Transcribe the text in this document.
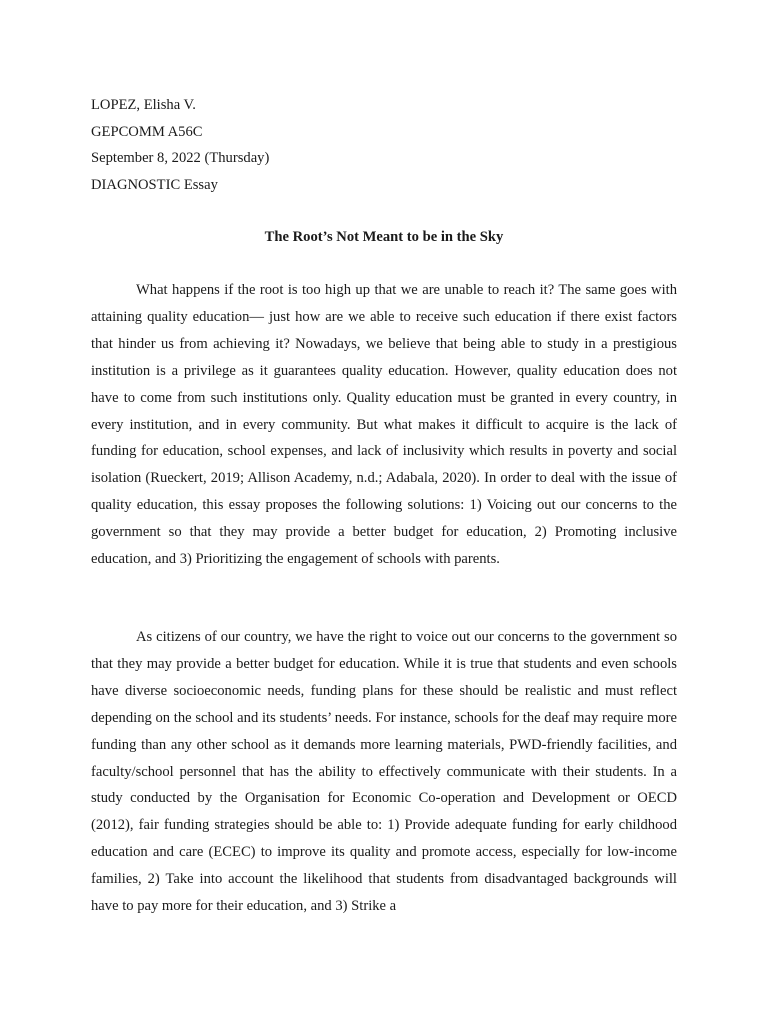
LOPEZ, Elisha V.
GEPCOMM A56C
September 8, 2022 (Thursday)
DIAGNOSTIC Essay
The Root’s Not Meant to be in the Sky

What happens if the root is too high up that we are unable to reach it? The same goes with attaining quality education— just how are we able to receive such education if there exist factors that hinder us from achieving it? Nowadays, we believe that being able to study in a prestigious institution is a privilege as it guarantees quality education. However, quality education does not have to come from such institutions only. Quality education must be granted in every country, in every institution, and in every community. But what makes it difficult to acquire is the lack of funding for education, school expenses, and lack of inclusivity which results in poverty and social isolation (Rueckert, 2019; Allison Academy, n.d.; Adabala, 2020). In order to deal with the issue of quality education, this essay proposes the following solutions: 1) Voicing out our concerns to the government so that they may provide a better budget for education, 2) Promoting inclusive education, and 3) Prioritizing the engagement of schools with parents.

As citizens of our country, we have the right to voice out our concerns to the government so that they may provide a better budget for education. While it is true that students and even schools have diverse socioeconomic needs, funding plans for these should be realistic and must reflect depending on the school and its students’ needs. For instance, schools for the deaf may require more funding than any other school as it demands more learning materials, PWD-friendly facilities, and faculty/school personnel that has the ability to effectively communicate with their students. In a study conducted by the Organisation for Economic Co-operation and Development or OECD (2012), fair funding strategies should be able to: 1) Provide adequate funding for early childhood education and care (ECEC) to improve its quality and promote access, especially for low-income families, 2) Take into account the likelihood that students from disadvantaged backgrounds will have to pay more for their education, and 3) Strike a
